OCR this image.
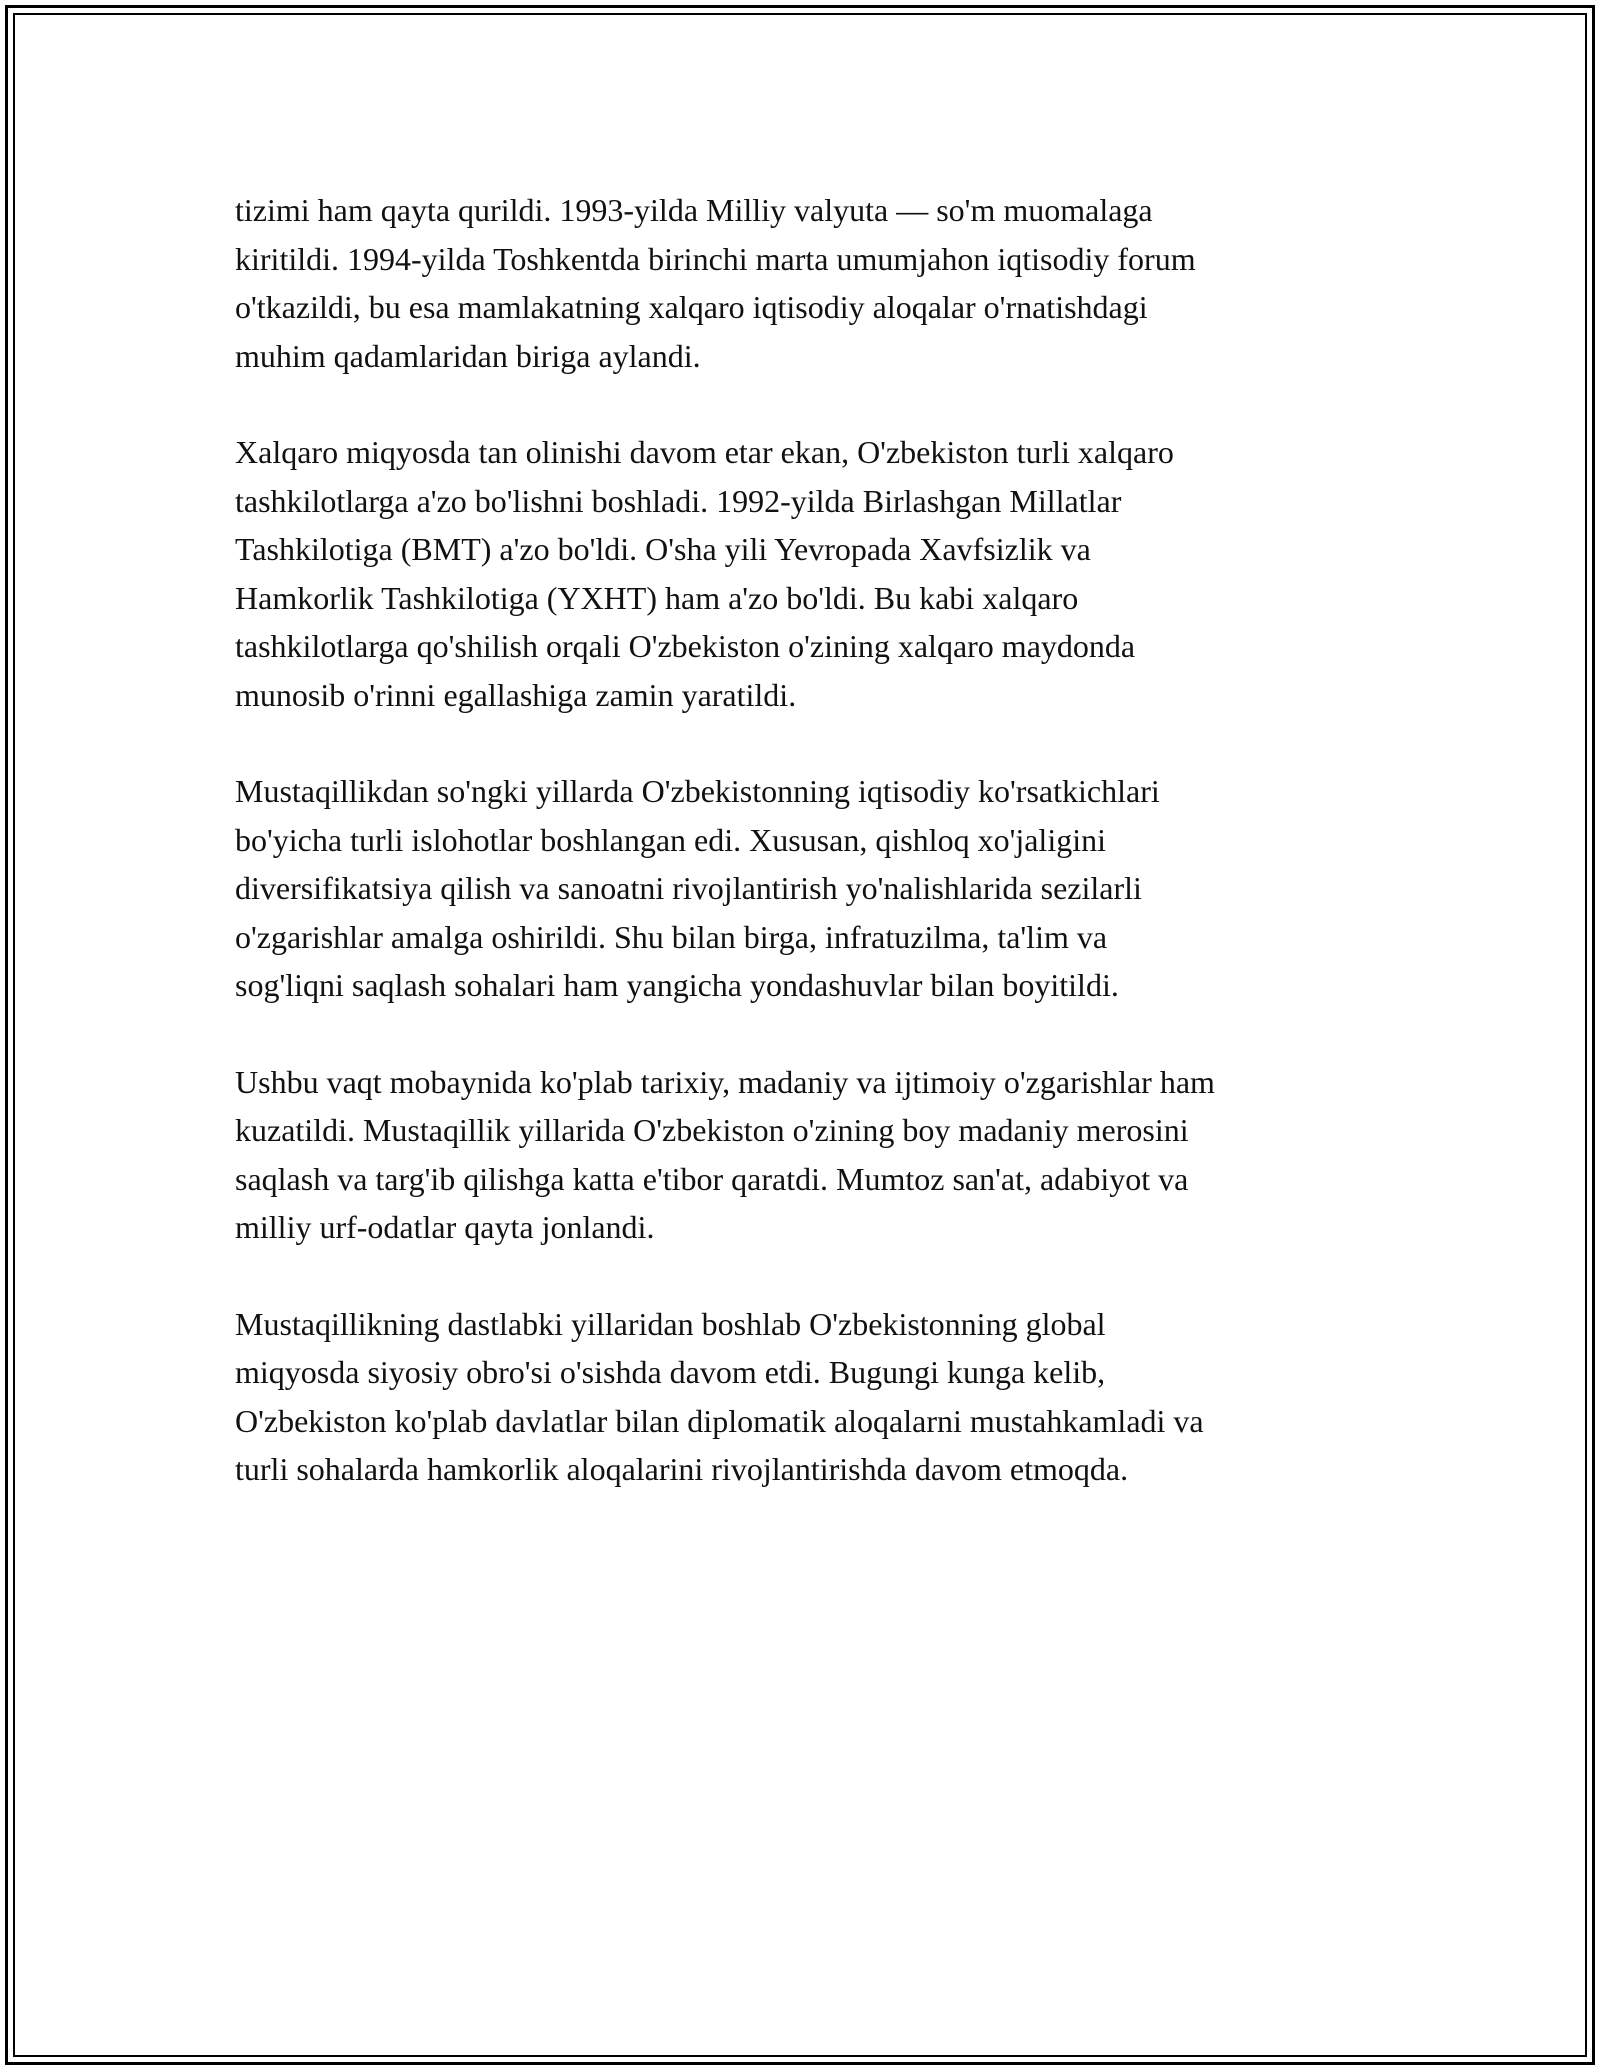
tizimi ham qayta qurildi. 1993-yilda Milliy valyuta — so'm muomalaga
kiritildi. 1994-yilda Toshkentda birinchi marta umumjahon iqtisodiy forum
o'tkazildi, bu esa mamlakatning xalqaro iqtisodiy aloqalar o'rnatishdagi
muhim qadamlaridan biriga aylandi.

Xalqaro miqyosda tan olinishi davom etar ekan, O'zbekiston turli xalqaro
tashkilotlarga a'zo bo'lishni boshladi. 1992-yilda Birlashgan Millatlar
Tashkilotiga (BMT) a'zo bo'ldi. O'sha yili Yevropada Xavfsizlik va
Hamkorlik Tashkilotiga (YXHT) ham a'zo bo'ldi. Bu kabi xalqaro
tashkilotlarga qo'shilish orqali O'zbekiston o'zining xalqaro maydonda
munosib o'rinni egallashiga zamin yaratildi.

Mustaqillikdan so'ngki yillarda O'zbekistonning iqtisodiy ko'rsatkichlari
bo'yicha turli islohotlar boshlangan edi. Xususan, qishloq xo'jaligini
diversifikatsiya qilish va sanoatni rivojlantirish yo'nalishlarida sezilarli
o'zgarishlar amalga oshirildi. Shu bilan birga, infratuzilma, ta'lim va
sog'liqni saqlash sohalari ham yangicha yondashuvlar bilan boyitildi.

Ushbu vaqt mobaynida ko'plab tarixiy, madaniy va ijtimoiy o'zgarishlar ham
kuzatildi. Mustaqillik yillarida O'zbekiston o'zining boy madaniy merosini
saqlash va targ'ib qilishga katta e'tibor qaratdi. Mumtoz san'at, adabiyot va
milliy urf-odatlar qayta jonlandi.

Mustaqillikning dastlabki yillaridan boshlab O'zbekistonning global
miqyosda siyosiy obro'si o'sishda davom etdi. Bugungi kunga kelib,
O'zbekiston ko'plab davlatlar bilan diplomatik aloqalarni mustahkamladi va
turli sohalarda hamkorlik aloqalarini rivojlantirishda davom etmoqda.
